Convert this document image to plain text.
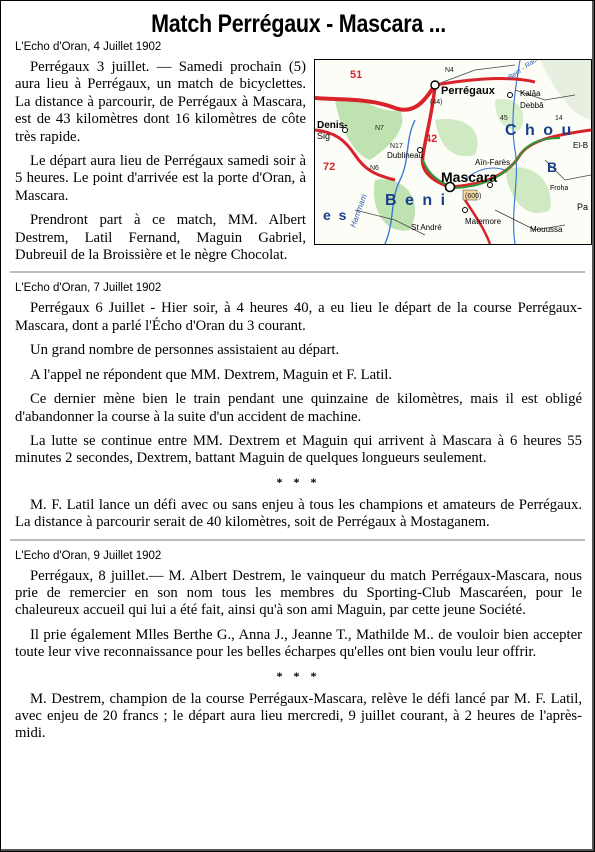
Match Perrégaux - Mascara ...
L'Echo d'Oran, 4 Juillet 1902
51
72
42
N4
N6
N17
(44)
(600)
N7
45	14
Perrégaux
Mascara
Denis-
Sig
Dublineau
Aïn-Farès
St André
Matemore
Kalâa
Debbâ
Mouussa
Froha
Pa
El-B
Hammam B e n i
C h o u
e s
B

Perrégaux 3 juillet. — Samedi prochain (5) aura lieu à Perrégaux, un match de bicyclettes. La distance à parcourir, de Perrégaux à Mascara, est de 43 kilomètres dont 16 kilomètres de côte très rapide.

Le départ aura lieu de Perrégaux samedi soir à 5 heures. Le point d'arrivée est la porte d'Oran, à Mascara.

Prendront part à ce match, MM. Albert Destrem, Latil Fernand, Maguin Gabriel, Dubreuil de la Broissière et le nègre Chocolat.

L'Echo d'Oran, 7 Juillet 1902

Perrégaux 6 Juillet - Hier soir, à 4 heures 40, a eu lieu le départ de la course Perrégaux-Mascara, dont a parlé l'Écho d'Oran du 3 courant.

Un grand nombre de personnes assistaient au départ.

A l'appel ne répondent que MM. Dextrem, Maguin et F. Latil.

Ce dernier mène bien le train pendant une quinzaine de kilomètres, mais il est obligé d'abandonner la course à la suite d'un accident de machine.

La lutte se continue entre MM. Dextrem et Maguin qui arrivent à Mascara à 6 heures 55 minutes 2 secondes, Dextrem, battant Maguin de quelques longueurs seulement.

* * *

M. F. Latil lance un défi avec ou sans enjeu à tous les champions et amateurs de Perrégaux. La distance à parcourir serait de 40 kilomètres, soit de Perrégaux à Mostaganem.

L'Echo d'Oran, 9 Juillet 1902

Perrégaux, 8 juillet.— M. Albert Destrem, le vainqueur du match Perrégaux-Mascara, nous prie de remercier en son nom tous les membres du Sporting-Club Mascaréen, pour le chaleureux accueil qui lui a été fait, ainsi qu'à son ami Maguin, par cette jeune Société.

Il prie également Mlles Berthe G., Anna J., Jeanne T., Mathilde M.. de vouloir bien accepter toute leur vive reconnaissance pour les belles écharpes qu'elles ont bien voulu leur offrir.

* * *

M. Destrem, champion de la course Perrégaux-Mascara, relève le défi lancé par M. F. Latil, avec enjeu de 20 francs ; le départ aura lieu mercredi, 9 juillet courant, à 2 heures de l'après-midi.
